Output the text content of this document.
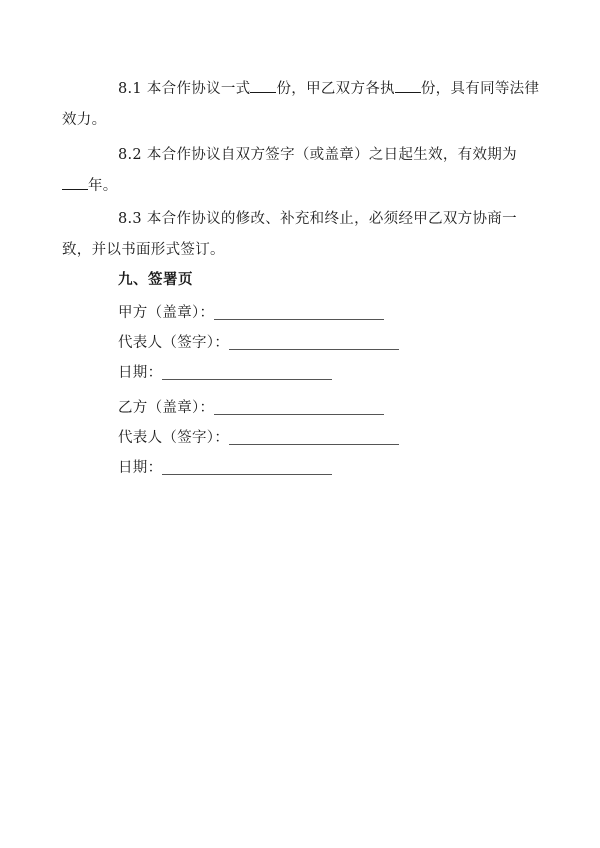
8.1 本合作协议一式 份，甲乙双方各执 份，具有同等法律
效力。
8.2 本合作协议自双方签字（或盖章）之日起生效，有效期为
年。
8.3 本合作协议的修改、补充和终止，必须经甲乙双方协商一
致，并以书面形式签订。
九、签署页
甲方（盖章）：
代表人（签字）：
日期：
乙方（盖章）：
代表人（签字）：
日期：
